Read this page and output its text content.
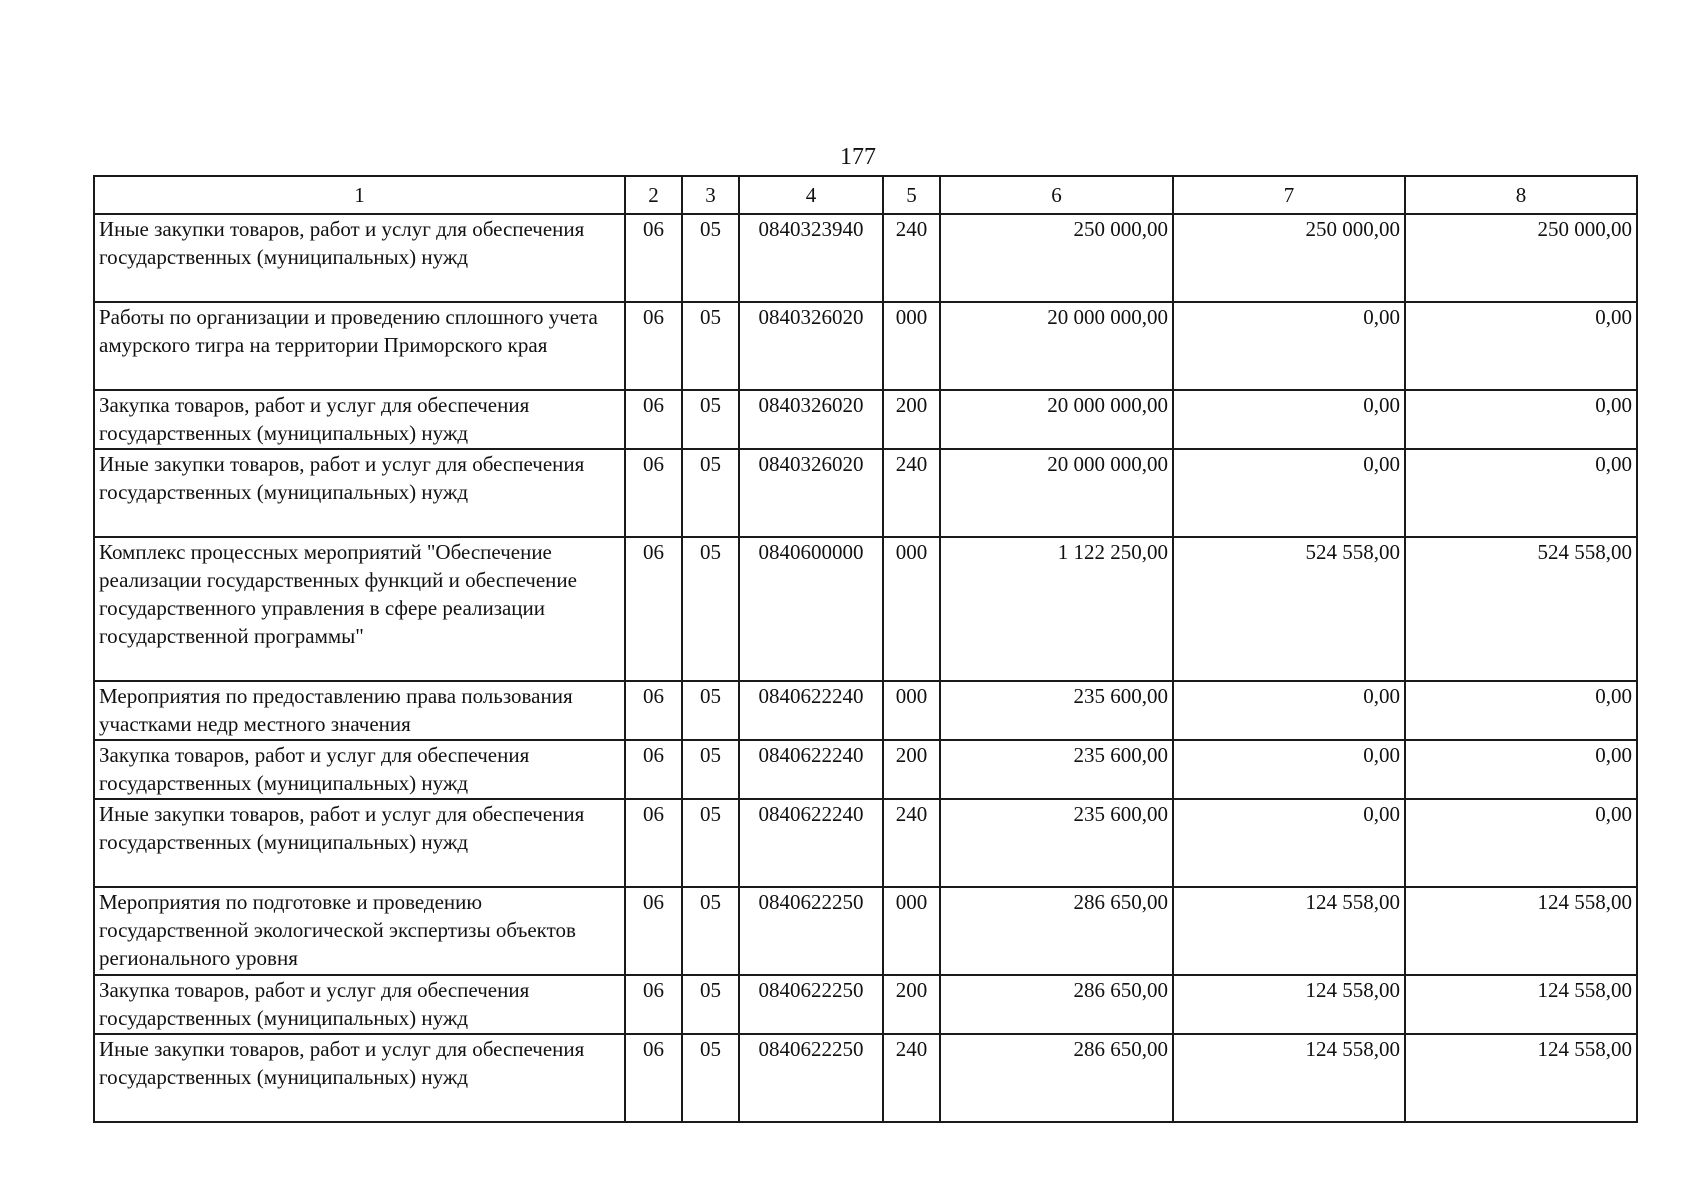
177
1	2	3	4	5	6	7	8
Иные закупки товаров, работ и услуг для обеспечения государственных (муниципальных) нужд	06	05	0840323940	240	250 000,00	250 000,00	250 000,00
Работы по организации и проведению сплошного учета амурского тигра на территории Приморского края	06	05	0840326020	000	20 000 000,00	0,00	0,00
Закупка товаров, работ и услуг для обеспечения государственных (муниципальных) нужд	06	05	0840326020	200	20 000 000,00	0,00	0,00
Иные закупки товаров, работ и услуг для обеспечения государственных (муниципальных) нужд	06	05	0840326020	240	20 000 000,00	0,00	0,00
Комплекс процессных мероприятий "Обеспечение реализации государственных функций и обеспечение государственного управления в сфере реализации государственной программы"	06	05	0840600000	000	1 122 250,00	524 558,00	524 558,00
Мероприятия по предоставлению права пользования участками недр местного значения	06	05	0840622240	000	235 600,00	0,00	0,00
Закупка товаров, работ и услуг для обеспечения государственных (муниципальных) нужд	06	05	0840622240	200	235 600,00	0,00	0,00
Иные закупки товаров, работ и услуг для обеспечения государственных (муниципальных) нужд	06	05	0840622240	240	235 600,00	0,00	0,00
Мероприятия по подготовке и проведению государственной экологической экспертизы объектов регионального уровня	06	05	0840622250	000	286 650,00	124 558,00	124 558,00
Закупка товаров, работ и услуг для обеспечения государственных (муниципальных) нужд	06	05	0840622250	200	286 650,00	124 558,00	124 558,00
Иные закупки товаров, работ и услуг для обеспечения государственных (муниципальных) нужд	06	05	0840622250	240	286 650,00	124 558,00	124 558,00
